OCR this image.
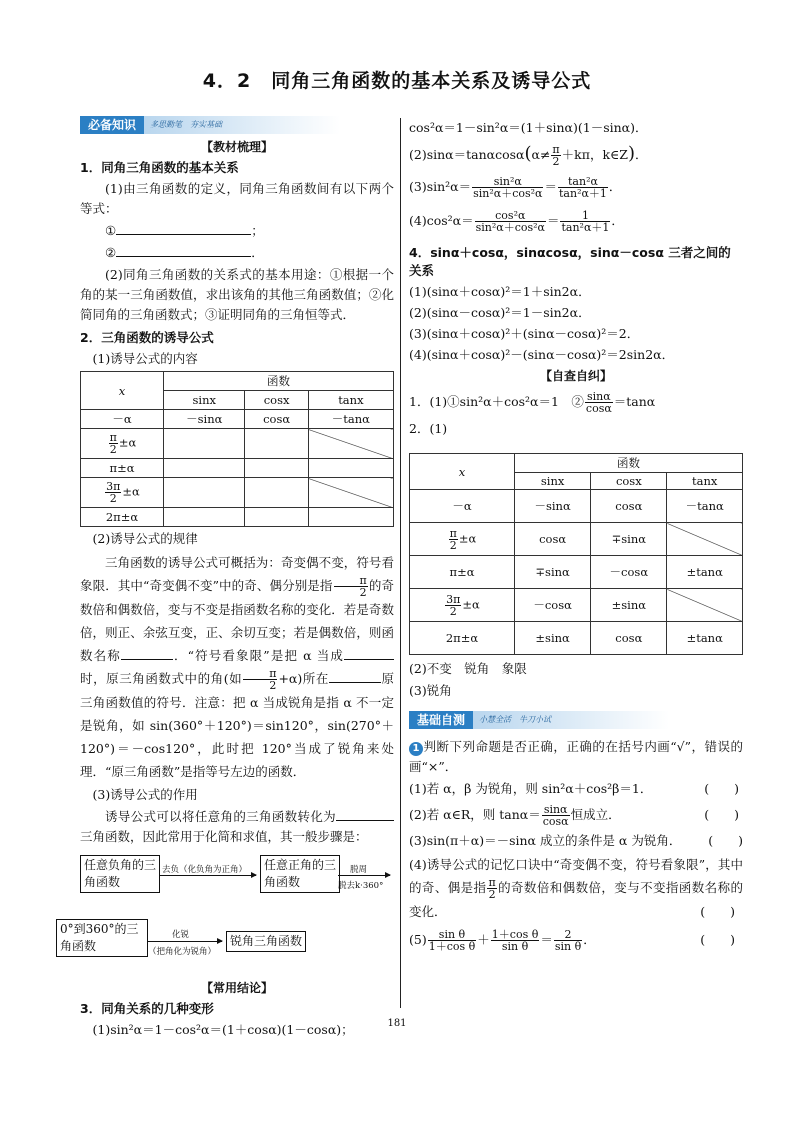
4．2　同角三角函数的基本关系及诱导公式
必备知识 多思勤笔　夯实基础
【教材梳理】
1．同角三角函数的基本关系
(1)由三角函数的定义，同角三角函数间有以下两个等式：
①	；
②	．
(2)同角三角函数的关系式的基本用途：①根据一个角的某一三角函数值，求出该角的其他三角函数值；②化简同角的三角函数式；③证明同角的三角恒等式．
2．三角函数的诱导公式
(1)诱导公式的内容
x	函数		
	sinx	cosx	tanx
－α	－sinα	cosα	－tanα

$\frac{\pi}{2} \pm\alpha$			
π±α			

$\frac{3\pi}{2} \pm\alpha$			
2π±α			
(2)诱导公式的规律
三角函数的诱导公式可概括为：奇变偶不变，符号看象限．其中“奇变偶不变”中的奇、偶分别是指 $\frac{\pi}{2}$ 的奇数倍和偶数倍，变与不变是指函数名称的变化．若是奇数倍，则正、余弦互变，正、余切互变；若是偶数倍，则函数名称	．“符号看象限”是把 α 当成时，原三角函数式中的角(如 $\frac{\pi}{2} +\alpha$)所在	原三角函数值的符号．注意：把 α 当成锐角是指 α 不一定是锐角，如 sin(360°＋120°)＝sin120°，sin(270°＋120°)＝－cos120°，此时把 120°当成了锐角来处理．“原三角函数”是指等号左边的函数．
(3)诱导公式的作用
诱导公式可以将任意角的三角函数转化为三角函数，因此常用于化简和求值，其一般步骤是：
任意负角的三角函数
去负（化负角为正角）	任意正角的三角函数
脱周
脱去k·360°
0°到360°的三角函数
化锐
（把角化为锐角）
锐角三角函数
【常用结论】
3．同角关系的几种变形
(1)sin²α＝1－cos²α＝(1＋cosα)(1－cosα)；
cos²α＝1－sin²α＝(1＋sinα)(1－sinα)．
$(2)\sin\alpha=\tan\alpha\cos\alpha(\alpha\ne \frac{\pi}{2} +k\pi$，k∈Z)．
$(3)\sin^2\alpha= \frac{\text{sin²α}}{\text{sin²α＋cos²α}} = \frac{\text{tan²α}}{\text{tan²α＋1}}$ ．
$(4)\cos^2\alpha= \frac{\text{cos²α}}{\text{sin²α＋cos²α}} = \frac{1}{\text{tan²α＋1}}$ ．
4．sinα＋cosα，sinαcosα，sinα－cosα 三者之间的关系
(1)(sinα＋cosα)²＝1＋sin2α．
(2)(sinα－cosα)²＝1－sin2α．
(3)(sinα＋cosα)²＋(sinα－cosα)²＝2．
(4)(sinα＋cosα)²－(sinα－cosα)²＝2sin2α．
【自查自纠】
1．(1)①sin²α＋cos²α＝1　② $\frac{\sin\alpha}{\cos\alpha} =\tan\alpha$
2．(1)
x	函数		
	sinx	cosx	tanx
－α	－sinα	cosα	－tanα

$\frac{\pi}{2} \pm\alpha$	cosα	∓sinα	
π±α	∓sinα	－cosα	±tanα

$\frac{3\pi}{2} \pm\alpha$	－cosα	±sinα	
2π±α	±sinα	cosα	±tanα
(2)不变　锐角　象限
(3)锐角
基础自测 小慧全活　牛刀小试
1 判断下列命题是否正确，正确的在括号内画“√”，错误的画“×”．
(1)若 α，β 为锐角，则 sin²α＋cos²β＝1．	(　　)
(2)若 α∈R，则 $\tan\alpha= \frac{\sin\alpha}{\cos\alpha}$ 恒成立．	(　　)
(3)sin(π＋α)＝－sinα 成立的条件是 α 为锐角． (　　)
(4)诱导公式的记忆口诀中“奇变偶不变，符号看象限”，其中的奇、偶是指 $\frac{\pi}{2}$ 的奇数倍和偶数倍，变与不变指函数名称的变化．	(　　)
$(5) \frac{\text{sin θ}}{\text{1＋cos θ}} + \frac{\text{1＋cos θ}}{\text{sin θ}} = \frac{2}{\text{sin θ}}$ ．	(　　)
181
